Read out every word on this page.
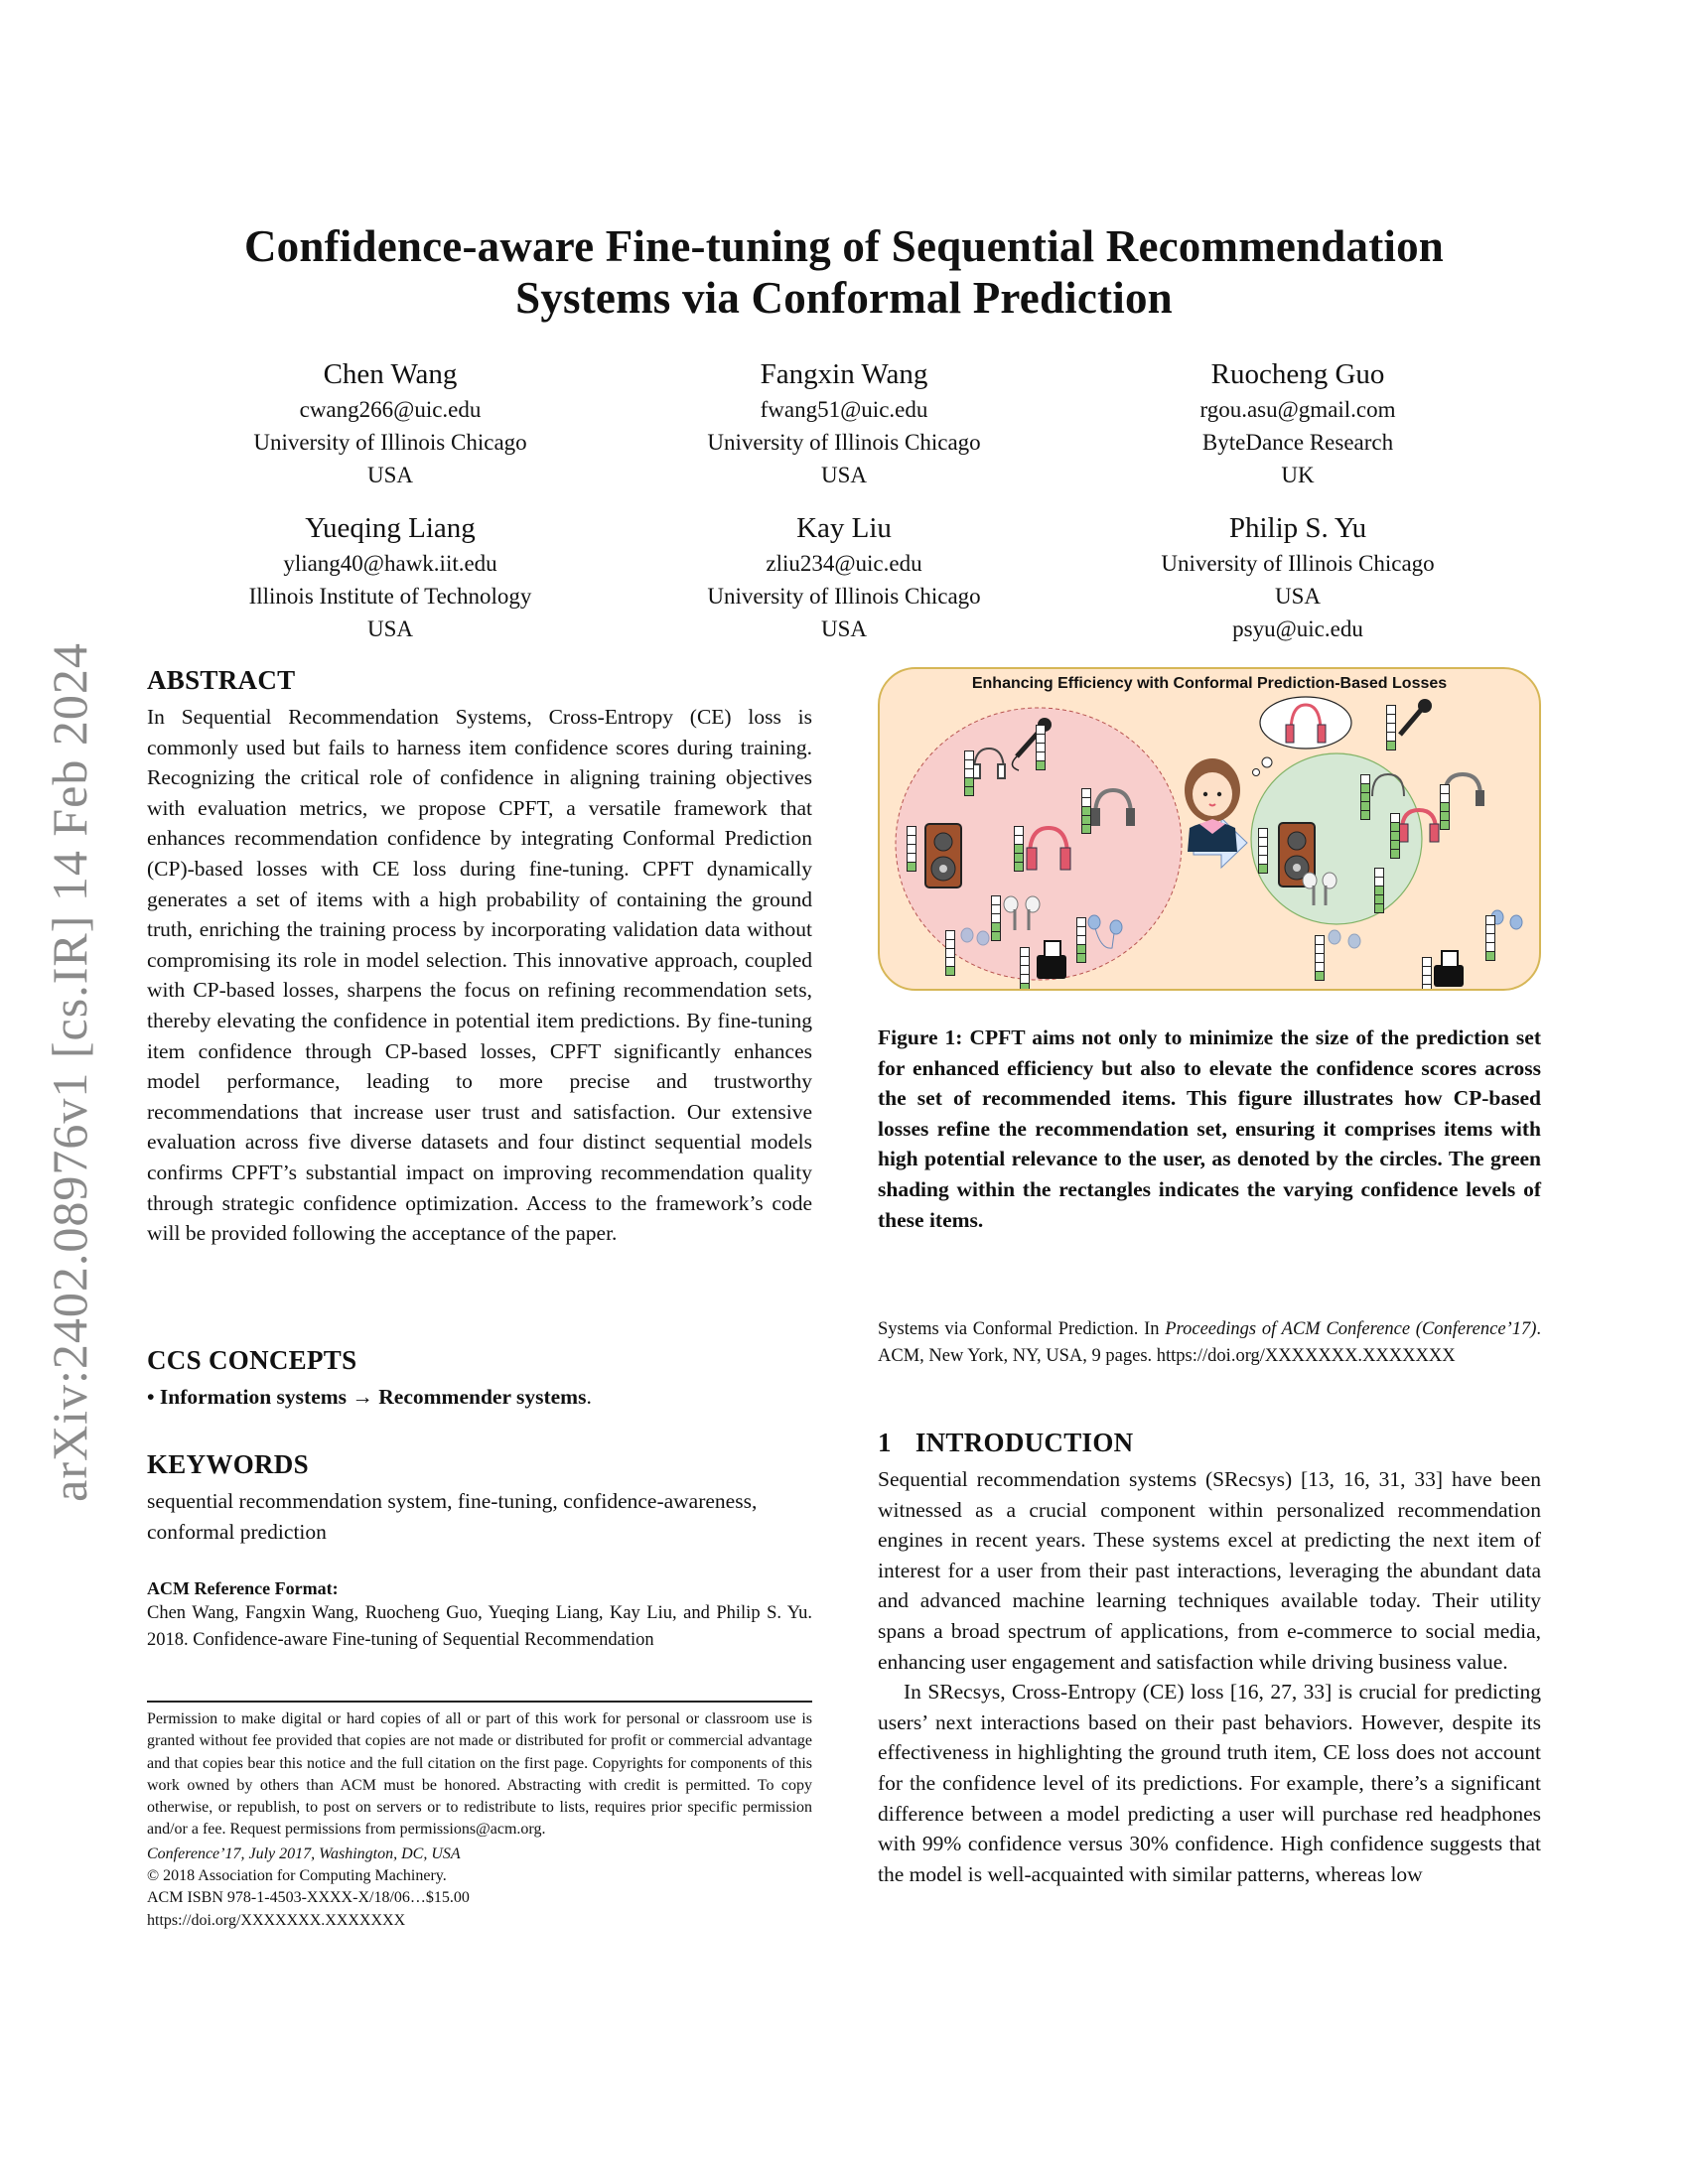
arXiv:2402.08976v1 [cs.IR] 14 Feb 2024
Confidence-aware Fine-tuning of Sequential Recommendation
Systems via Conformal Prediction
Chen Wang
cwang266@uic.edu
University of Illinois Chicago
USA
Fangxin Wang
fwang51@uic.edu
University of Illinois Chicago
USA
Ruocheng Guo
rgou.asu@gmail.com
ByteDance Research
UK
Yueqing Liang
yliang40@hawk.iit.edu
Illinois Institute of Technology
USA
Kay Liu
zliu234@uic.edu
University of Illinois Chicago
USA
Philip S. Yu
University of Illinois Chicago
USA
psyu@uic.edu
ABSTRACT

In Sequential Recommendation Systems, Cross-Entropy (CE) loss is commonly used but fails to harness item confidence scores during training. Recognizing the critical role of confidence in aligning training objectives with evaluation metrics, we propose CPFT, a versatile framework that enhances recommendation confidence by integrating Conformal Prediction (CP)-based losses with CE loss during fine-tuning. CPFT dynamically generates a set of items with a high probability of containing the ground truth, enriching the training process by incorporating validation data without compromising its role in model selection. This innovative approach, coupled with CP-based losses, sharpens the focus on refining recommendation sets, thereby elevating the confidence in potential item predictions. By fine-tuning item confidence through CP-based losses, CPFT significantly enhances model performance, leading to more precise and trustworthy recommendations that increase user trust and satisfaction. Our extensive evaluation across five diverse datasets and four distinct sequential models confirms CPFT’s substantial impact on improving recommendation quality through strategic confidence optimization. Access to the framework’s code will be provided following the acceptance of the paper.

CCS CONCEPTS

• Information systems → Recommender systems.

KEYWORDS

sequential recommendation system, fine-tuning, confidence-awareness, conformal prediction

ACM Reference Format:
Chen Wang, Fangxin Wang, Ruocheng Guo, Yueqing Liang, Kay Liu, and Philip S. Yu. 2018. Confidence-aware Fine-tuning of Sequential Recommendation
Permission to make digital or hard copies of all or part of this work for personal or classroom use is granted without fee provided that copies are not made or distributed for profit or commercial advantage and that copies bear this notice and the full citation on the first page. Copyrights for components of this work owned by others than ACM must be honored. Abstracting with credit is permitted. To copy otherwise, or republish, to post on servers or to redistribute to lists, requires prior specific permission and/or a fee. Request permissions from permissions@acm.org.
Conference’17, July 2017, Washington, DC, USA
© 2018 Association for Computing Machinery.
ACM ISBN 978-1-4503-XXXX-X/18/06…$15.00
https://doi.org/XXXXXXX.XXXXXXX
Enhancing Efficiency with Conformal Prediction-Based Losses
Figure 1: CPFT aims not only to minimize the size of the prediction set for enhanced efficiency but also to elevate the confidence scores across the set of recommended items. This figure illustrates how CP-based losses refine the recommendation set, ensuring it comprises items with high potential relevance to the user, as denoted by the circles. The green shading within the rectangles indicates the varying confidence levels of these items.
Systems via Conformal Prediction. In Proceedings of ACM Conference (Conference’17). ACM, New York, NY, USA, 9 pages. https://doi.org/XXXXXXX.XXXXXXX
1 INTRODUCTION

Sequential recommendation systems (SRecsys) [13, 16, 31, 33] have been witnessed as a crucial component within personalized recommendation engines in recent years. These systems excel at predicting the next item of interest for a user from their past interactions, leveraging the abundant data and advanced machine learning techniques available today. Their utility spans a broad spectrum of applications, from e-commerce to social media, enhancing user engagement and satisfaction while driving business value.

In SRecsys, Cross-Entropy (CE) loss [16, 27, 33] is crucial for predicting users’ next interactions based on their past behaviors. However, despite its effectiveness in highlighting the ground truth item, CE loss does not account for the confidence level of its predictions. For example, there’s a significant difference between a model predicting a user will purchase red headphones with 99% confidence versus 30% confidence. High confidence suggests that the model is well-acquainted with similar patterns, whereas low
